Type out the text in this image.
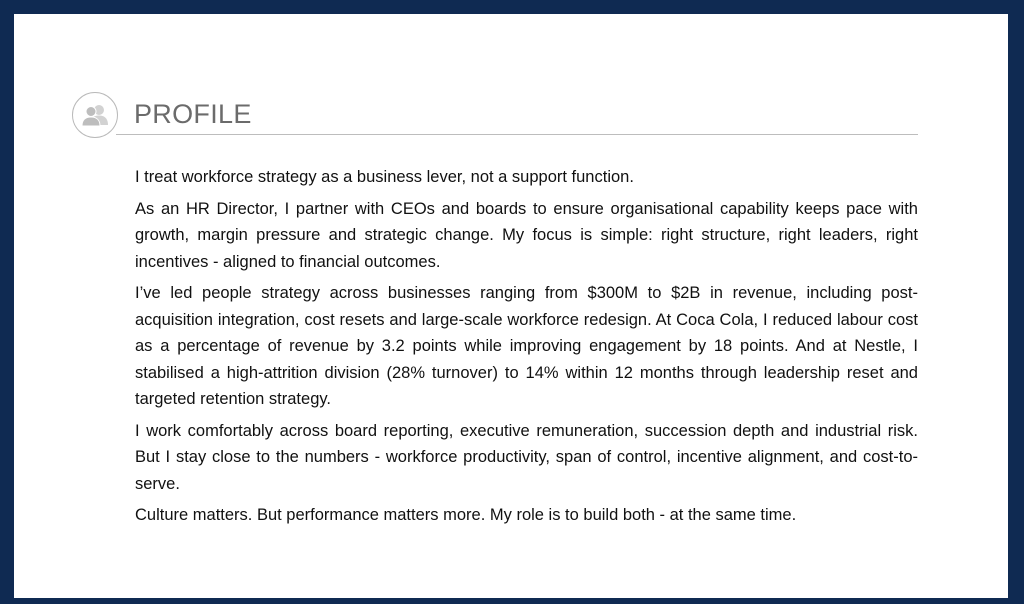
PROFILE

I treat workforce strategy as a business lever, not a support function.

As an HR Director, I partner with CEOs and boards to ensure organisational capability keeps pace with growth, margin pressure and strategic change. My focus is simple: right structure, right leaders, right incentives - aligned to financial outcomes.

I’ve led people strategy across businesses ranging from $300M to $2B in revenue, including post-acquisition integration, cost resets and large-scale workforce redesign. At Coca Cola, I reduced labour cost as a percentage of revenue by 3.2 points while improving engagement by 18 points. And at Nestle, I stabilised a high-attrition division (28% turnover) to 14% within 12 months through leadership reset and targeted retention strategy.

I work comfortably across board reporting, executive remuneration, succession depth and industrial risk. But I stay close to the numbers - workforce productivity, span of control, incentive alignment, and cost-to-serve.

Culture matters. But performance matters more. My role is to build both - at the same time.
